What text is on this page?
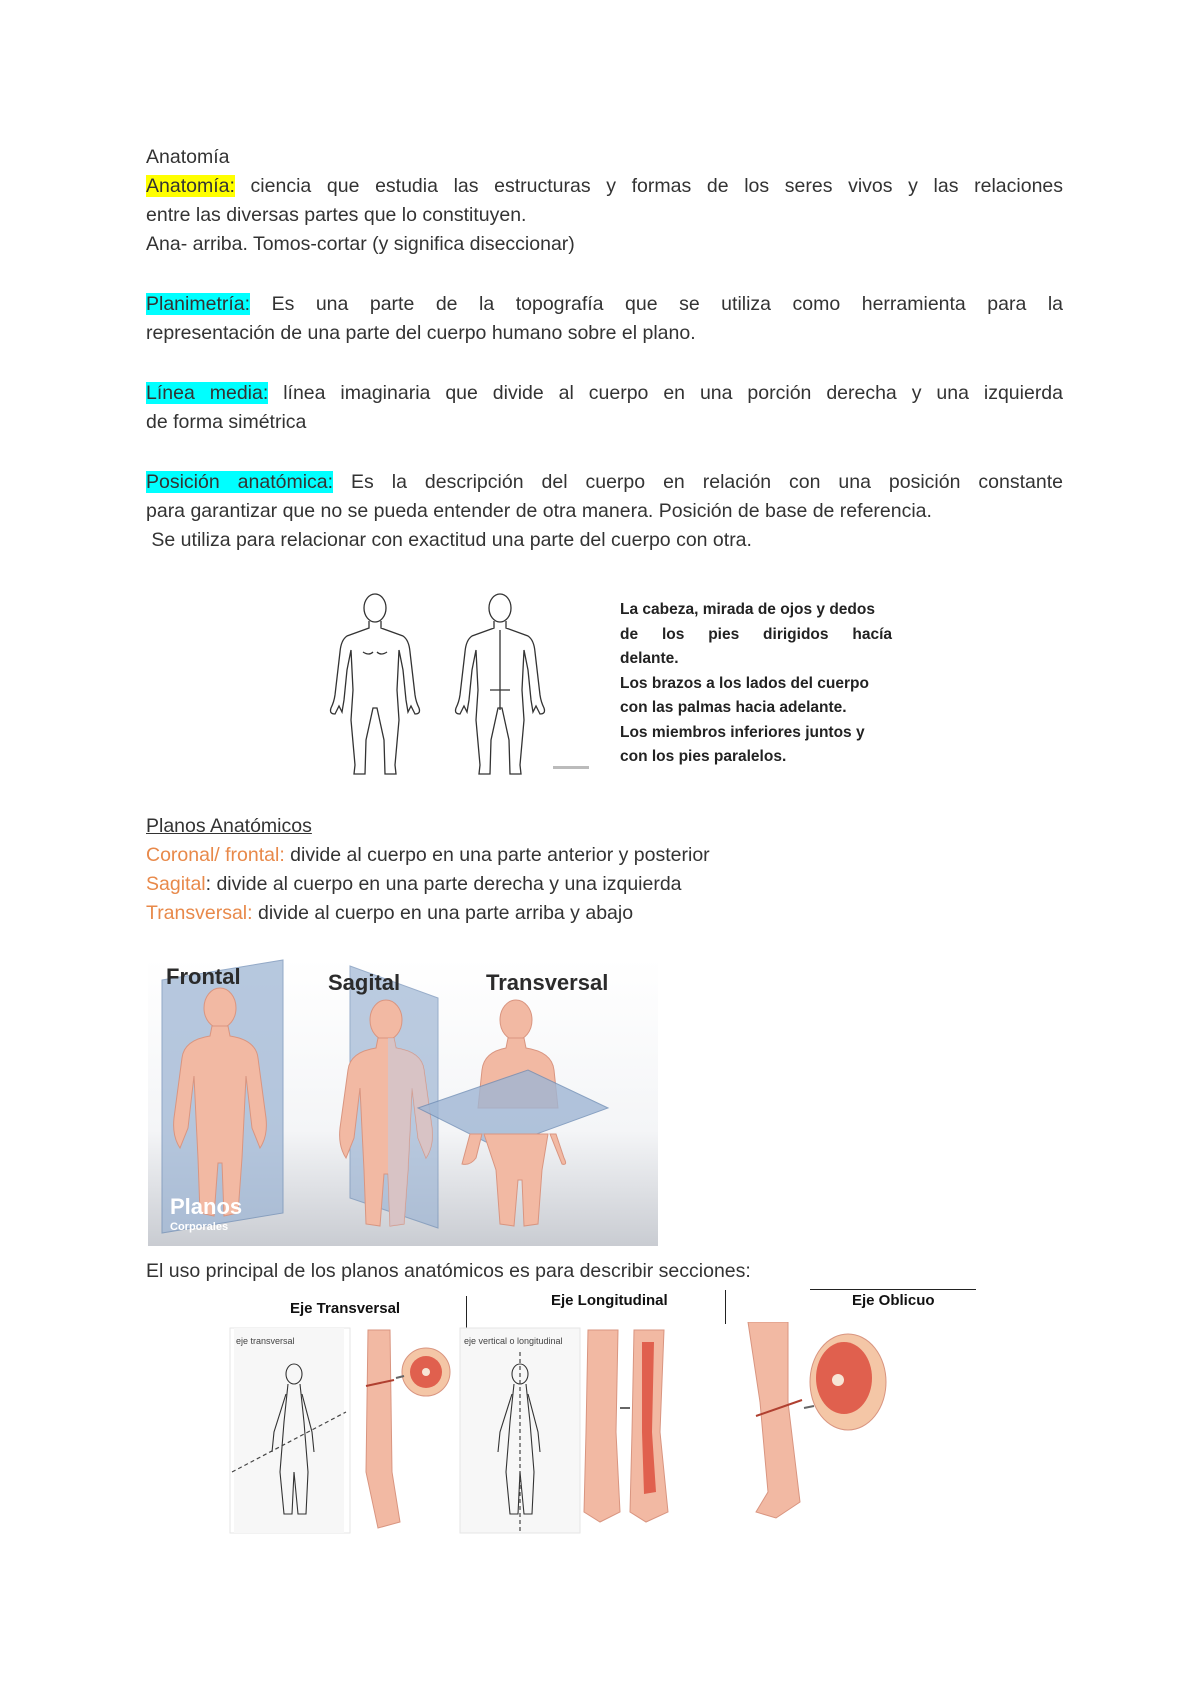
Anatomía
Anatomía: ciencia que estudia las estructuras y formas de los seres vivos y las relaciones
entre las diversas partes que lo constituyen.
Ana- arriba. Tomos-cortar (y significa diseccionar)
Planimetría: Es una parte de la topografía que se utiliza como herramienta para la
representación de una parte del cuerpo humano sobre el plano.
Línea media: línea imaginaria que divide al cuerpo en una porción derecha y una izquierda
de forma simétrica
Posición anatómica: Es la descripción del cuerpo en relación con una posición constante
para garantizar que no se pueda entender de otra manera. Posición de base de referencia.
Se utiliza para relacionar con exactitud una parte del cuerpo con otra.
La cabeza, mirada de ojos y dedos
de los pies dirigidos hacía
delante.
Los brazos a los lados del cuerpo
con las palmas hacia adelante.
Los miembros inferiores juntos y
con los pies paralelos.
Planos Anatómicos
Coronal/ frontal: divide al cuerpo en una parte anterior y posterior
Sagital: divide al cuerpo en una parte derecha y una izquierda
Transversal: divide al cuerpo en una parte arriba y abajo
Frontal	Sagital	Transversal
Planos
Corporales
El uso principal de los planos anatómicos es para describir secciones:
Eje Transversal	Eje Longitudinal	Eje Oblicuo
eje transversal	eje vertical o longitudinal
